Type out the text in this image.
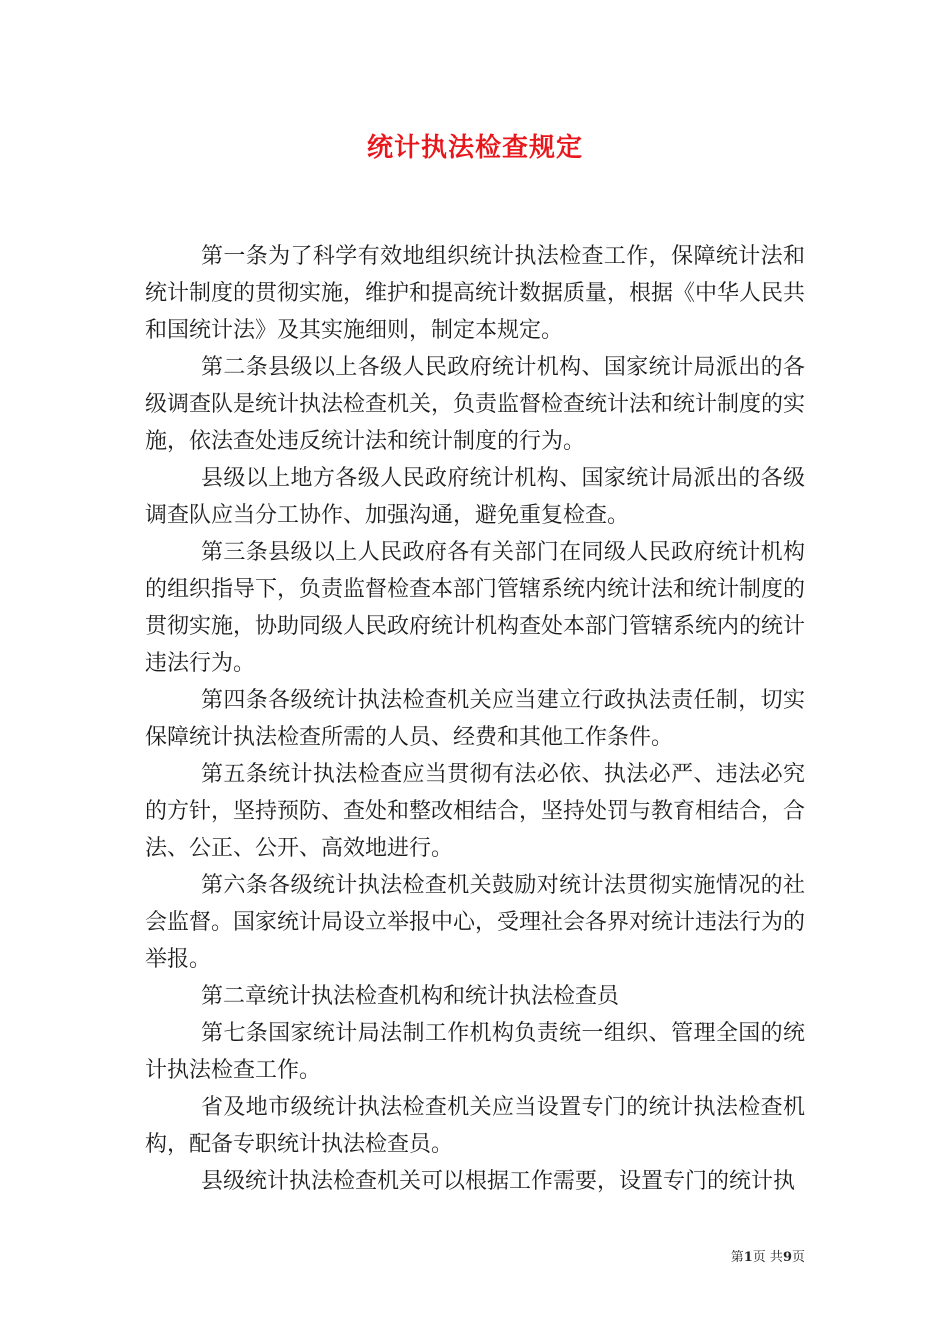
统计执法检查规定

第一条为了科学有效地组织统计执法检查工作，保障统计法和统计制度的贯彻实施，维护和提高统计数据质量，根据《中华人民共和国统计法》及其实施细则，制定本规定。

第二条县级以上各级人民政府统计机构、国家统计局派出的各级调查队是统计执法检查机关，负责监督检查统计法和统计制度的实施，依法查处违反统计法和统计制度的行为。

县级以上地方各级人民政府统计机构、国家统计局派出的各级调查队应当分工协作、加强沟通，避免重复检查。

第三条县级以上人民政府各有关部门在同级人民政府统计机构的组织指导下，负责监督检查本部门管辖系统内统计法和统计制度的贯彻实施，协助同级人民政府统计机构查处本部门管辖系统内的统计违法行为。

第四条各级统计执法检查机关应当建立行政执法责任制，切实保障统计执法检查所需的人员、经费和其他工作条件。

第五条统计执法检查应当贯彻有法必依、执法必严、违法必究的方针，坚持预防、查处和整改相结合，坚持处罚与教育相结合，合法、公正、公开、高效地进行。

第六条各级统计执法检查机关鼓励对统计法贯彻实施情况的社会监督。国家统计局设立举报中心，受理社会各界对统计违法行为的举报。

第二章统计执法检查机构和统计执法检查员

第七条国家统计局法制工作机构负责统一组织、管理全国的统计执法检查工作。

省及地市级统计执法检查机关应当设置专门的统计执法检查机构，配备专职统计执法检查员。

县级统计执法检查机关可以根据工作需要，设置专门的统计执

第1页 共9页
